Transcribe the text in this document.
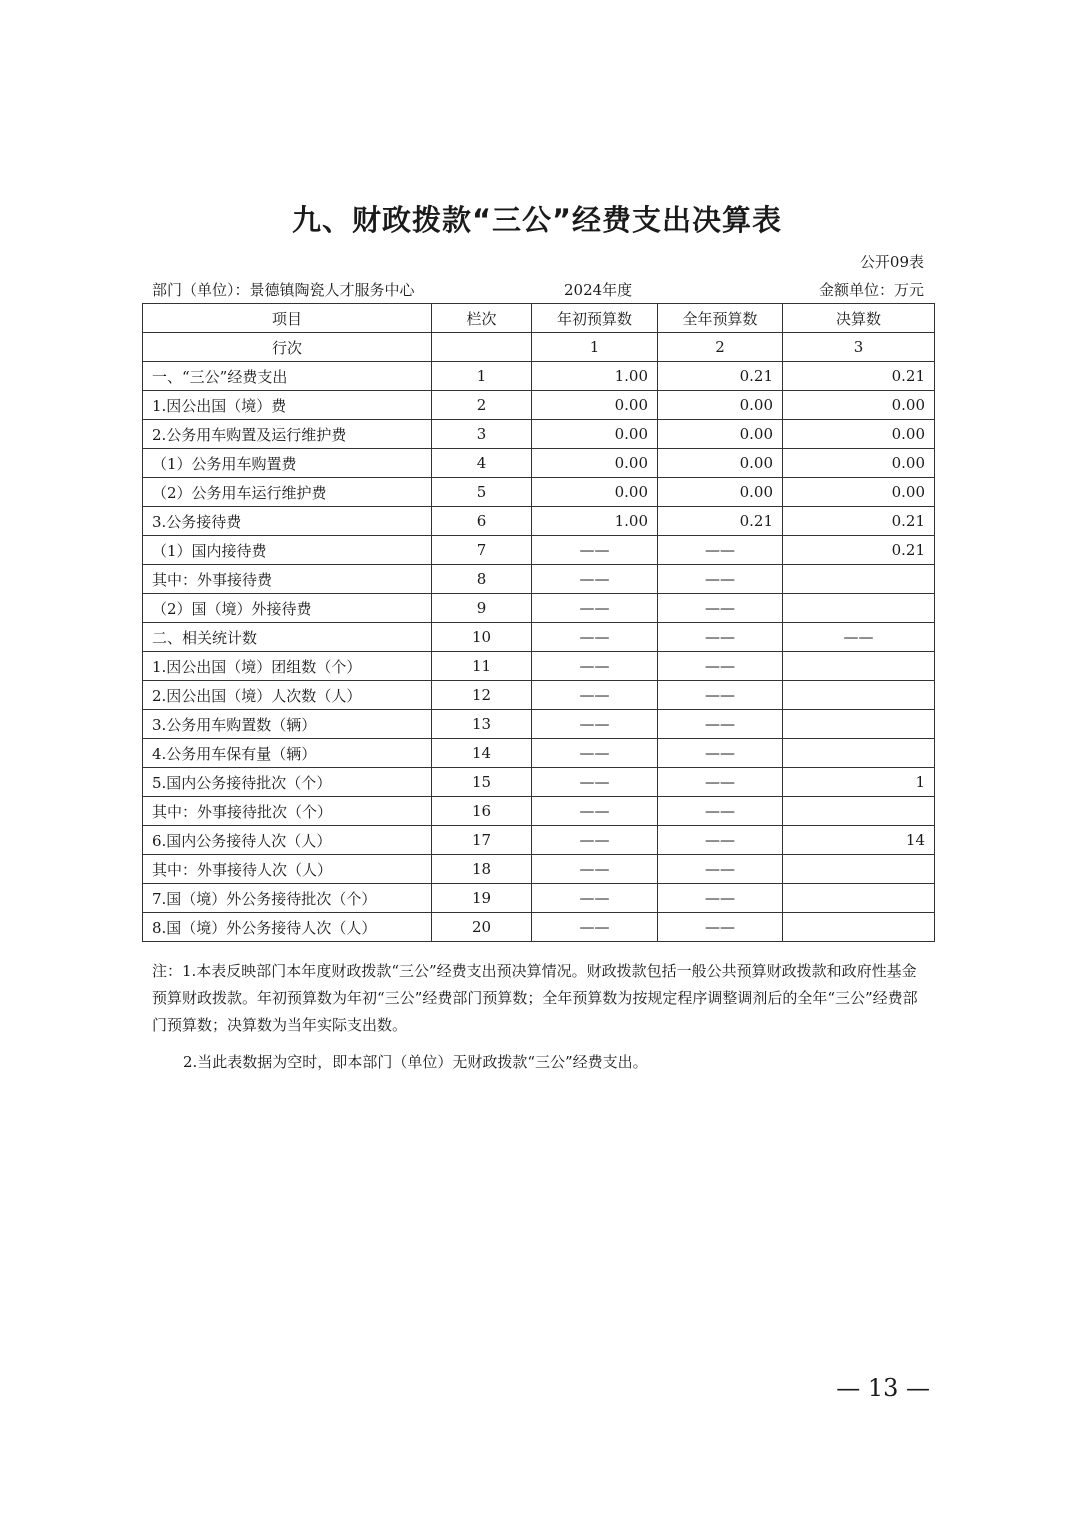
九、财政拨款“三公”经费支出决算表
公开09表
部门（单位）：景德镇陶瓷人才服务中心	2024年度	金额单位：万元
项目	栏次	年初预算数	全年预算数	决算数
行次		1	2	3
一、“三公”经费支出	1	1.00	0.21	0.21
1.因公出国（境）费	2	0.00	0.00	0.00
2.公务用车购置及运行维护费	3	0.00	0.00	0.00
（1）公务用车购置费	4	0.00	0.00	0.00
（2）公务用车运行维护费	5	0.00	0.00	0.00
3.公务接待费	6	1.00	0.21	0.21
（1）国内接待费	7	——	——	0.21
其中：外事接待费	8	——	——	
（2）国（境）外接待费	9	——	——	
二、相关统计数	10	——	——	——
1.因公出国（境）团组数（个）	11	——	——	
2.因公出国（境）人次数（人）	12	——	——	
3.公务用车购置数（辆）	13	——	——	
4.公务用车保有量（辆）	14	——	——	
5.国内公务接待批次（个）	15	——	——	1
其中：外事接待批次（个）	16	——	——	
6.国内公务接待人次（人）	17	——	——	14
其中：外事接待人次（人）	18	——	——	
7.国（境）外公务接待批次（个）	19	——	——	
8.国（境）外公务接待人次（人）	20	——	——	

注：1.本表反映部门本年度财政拨款“三公”经费支出预决算情况。财政拨款包括一般公共预算财政拨款和政府性基金预算财政拨款。年初预算数为年初“三公”经费部门预算数；全年预算数为按规定程序调整调剂后的全年“三公”经费部门预算数；决算数为当年实际支出数。

2.当此表数据为空时，即本部门（单位）无财政拨款“三公”经费支出。

— 13 —
